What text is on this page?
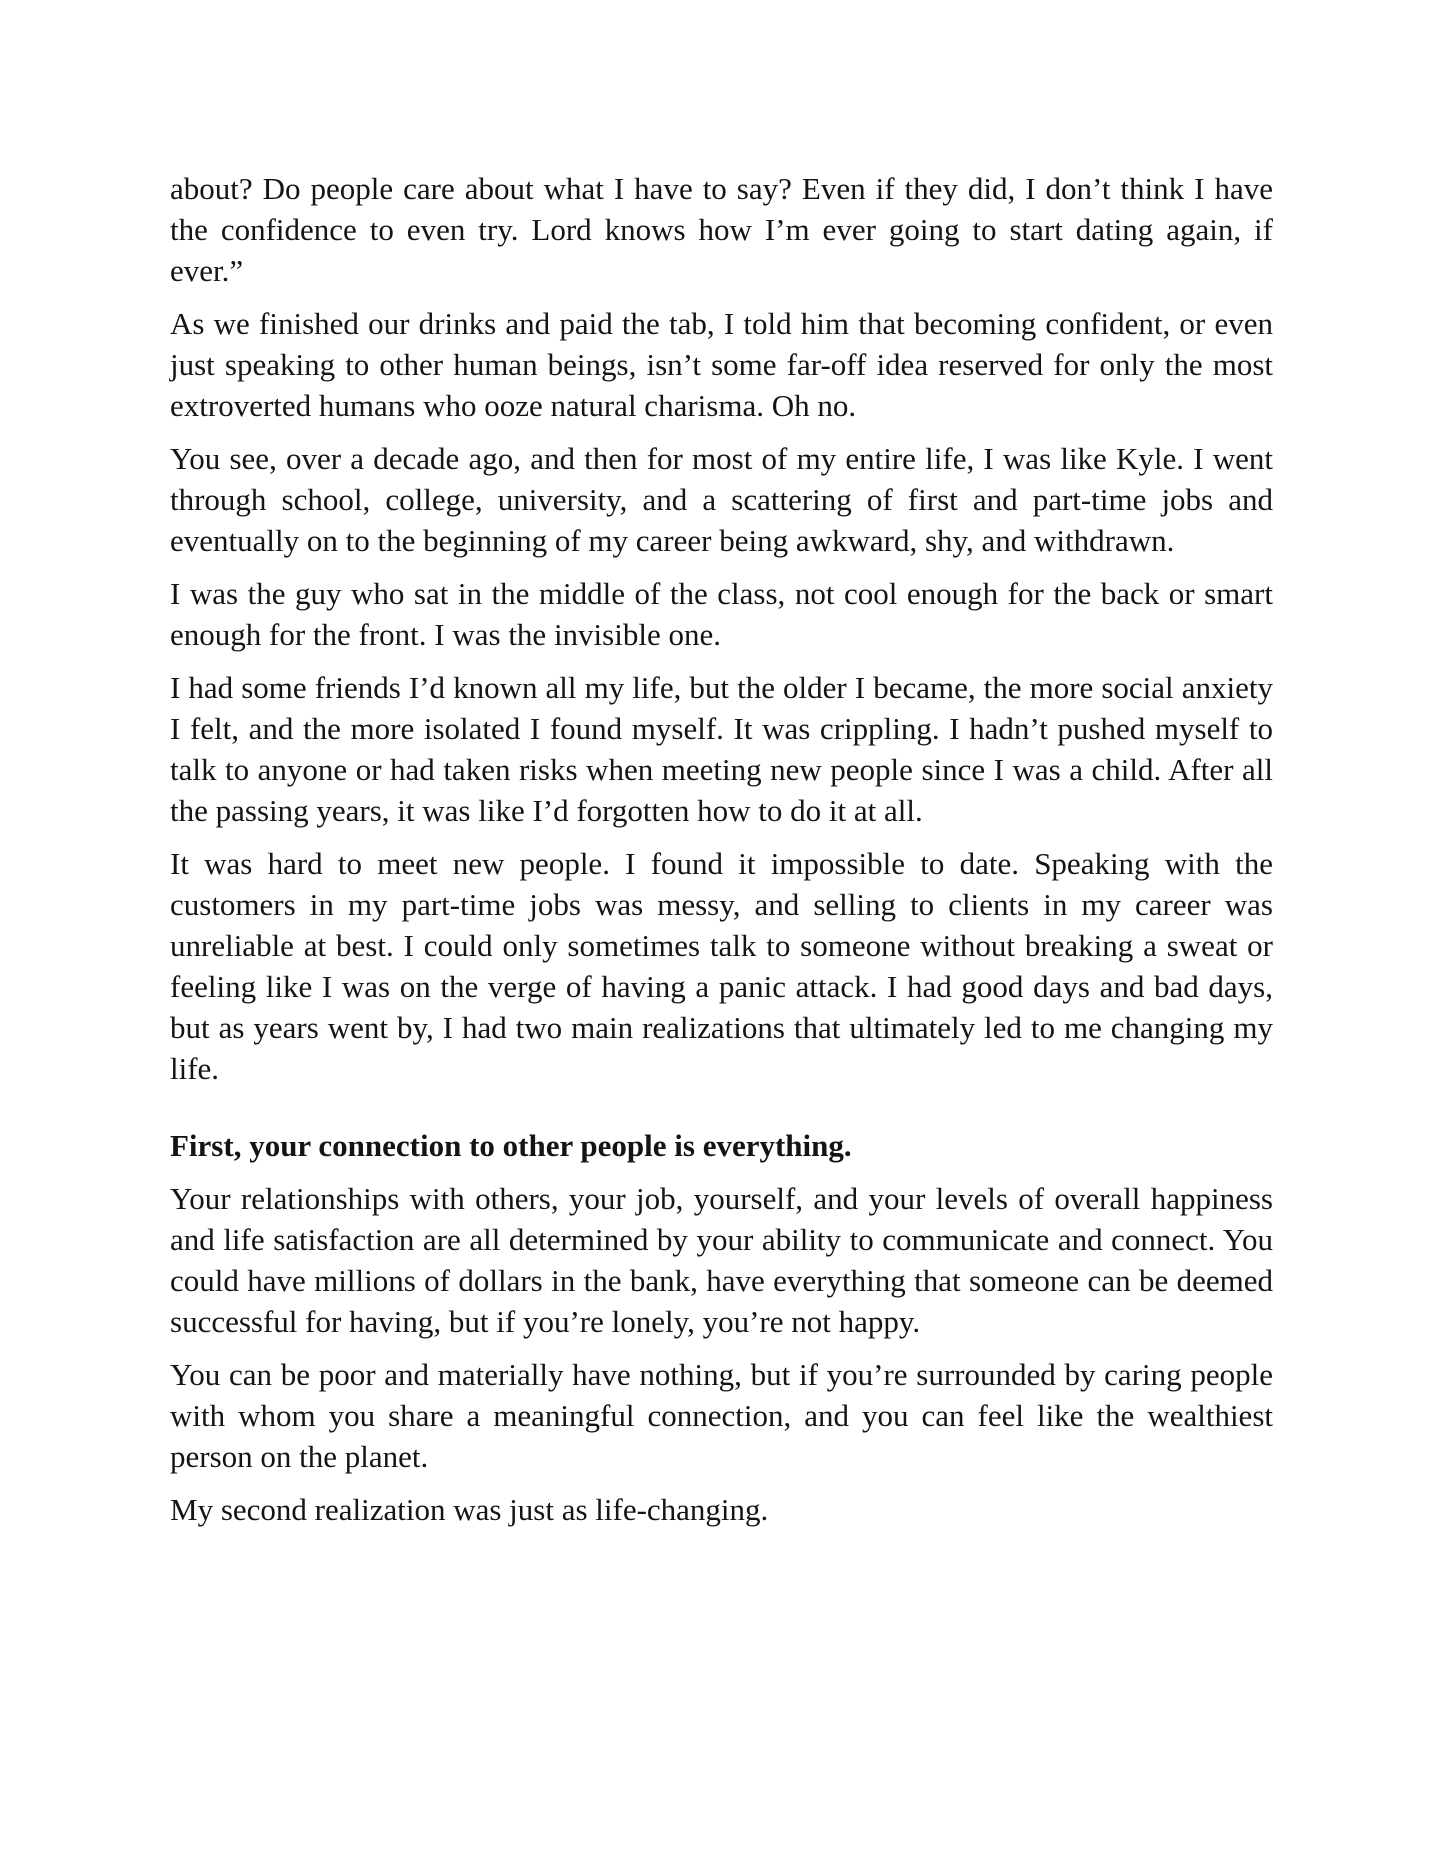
about? Do people care about what I have to say? Even if they did, I don’t think I have the confidence to even try. Lord knows how I’m ever going to start dating again, if ever.”

As we finished our drinks and paid the tab, I told him that becoming confident, or even just speaking to other human beings, isn’t some far-off idea reserved for only the most extroverted humans who ooze natural charisma. Oh no.

You see, over a decade ago, and then for most of my entire life, I was like Kyle. I went through school, college, university, and a scattering of first and part-time jobs and eventually on to the beginning of my career being awkward, shy, and withdrawn.

I was the guy who sat in the middle of the class, not cool enough for the back or smart enough for the front. I was the invisible one.

I had some friends I’d known all my life, but the older I became, the more social anxiety I felt, and the more isolated I found myself. It was crippling. I hadn’t pushed myself to talk to anyone or had taken risks when meeting new people since I was a child. After all the passing years, it was like I’d forgotten how to do it at all.

It was hard to meet new people. I found it impossible to date. Speaking with the customers in my part-time jobs was messy, and selling to clients in my career was unreliable at best. I could only sometimes talk to someone without breaking a sweat or feeling like I was on the verge of having a panic attack. I had good days and bad days, but as years went by, I had two main realizations that ultimately led to me changing my life.

First, your connection to other people is everything.

Your relationships with others, your job, yourself, and your levels of overall happiness and life satisfaction are all determined by your ability to communicate and connect. You could have millions of dollars in the bank, have everything that someone can be deemed successful for having, but if you’re lonely, you’re not happy.

You can be poor and materially have nothing, but if you’re surrounded by caring people with whom you share a meaningful connection, and you can feel like the wealthiest person on the planet.

My second realization was just as life-changing.
